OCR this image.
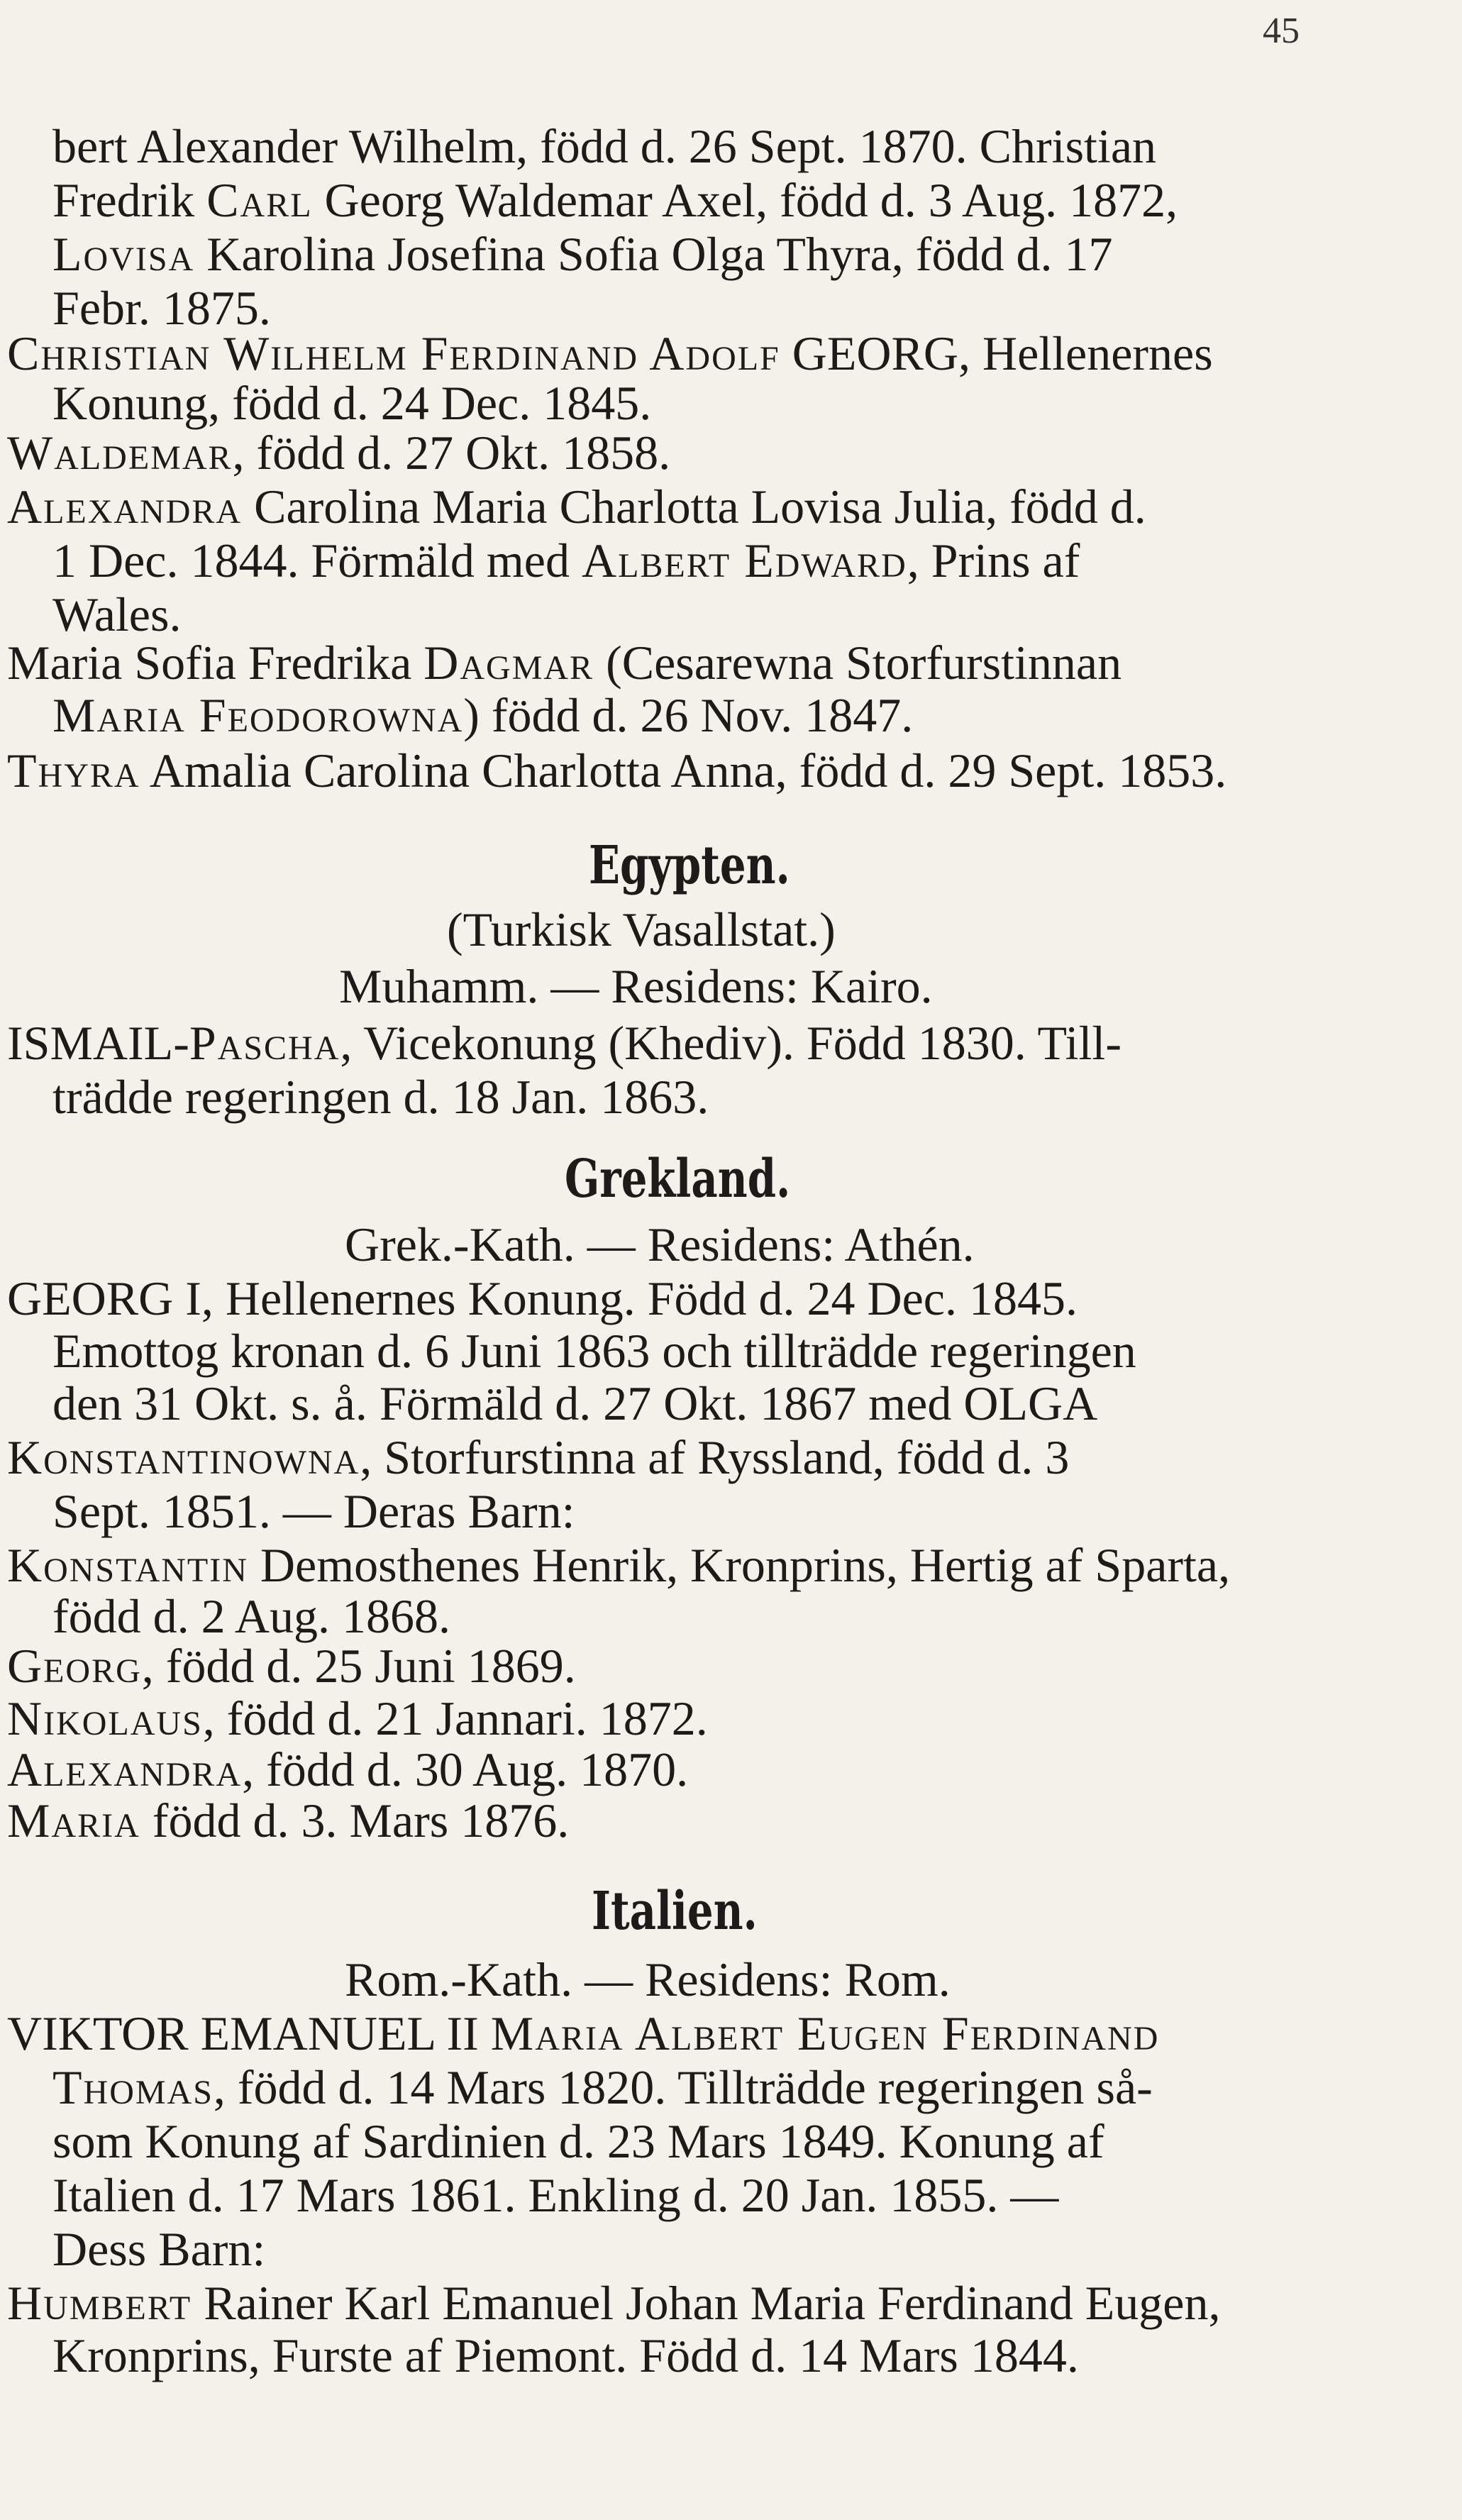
45
bert Alexander Wilhelm, född d. 26 Sept. 1870. Christian
Fredrik Carl Georg Waldemar Axel, född d. 3 Aug. 1872,
Lovisa Karolina Josefina Sofia Olga Thyra, född d. 17
Febr. 1875.
Christian Wilhelm Ferdinand Adolf GEORG, Hellenernes
Konung, född d. 24 Dec. 1845.
Waldemar, född d. 27 Okt. 1858.
Alexandra Carolina Maria Charlotta Lovisa Julia, född d.
1 Dec. 1844. Förmäld med Albert Edward, Prins af
Wales.
Maria Sofia Fredrika Dagmar (Cesarewna Storfurstinnan
Maria Feodorowna) född d. 26 Nov. 1847.
Thyra Amalia Carolina Charlotta Anna, född d. 29 Sept. 1853.
Egypten.
(Turkisk Vasallstat.)
Muhamm. — Residens: Kairo.
ISMAIL-Pascha, Vicekonung (Khediv). Född 1830. Till-
trädde regeringen d. 18 Jan. 1863.
Grekland.
Grek.-Kath. — Residens: Athén.
GEORG I, Hellenernes Konung. Född d. 24 Dec. 1845.
Emottog kronan d. 6 Juni 1863 och tillträdde regeringen
den 31 Okt. s. å. Förmäld d. 27 Okt. 1867 med OLGA
Konstantinowna, Storfurstinna af Ryssland, född d. 3
Sept. 1851. — Deras Barn:
Konstantin Demosthenes Henrik, Kronprins, Hertig af Sparta,
född d. 2 Aug. 1868.
Georg, född d. 25 Juni 1869.
Nikolaus, född d. 21 Jannari. 1872.
Alexandra, född d. 30 Aug. 1870.
Maria född d. 3. Mars 1876.
Italien.
Rom.-Kath. — Residens: Rom.
VIKTOR EMANUEL II Maria Albert Eugen Ferdinand
Thomas, född d. 14 Mars 1820. Tillträdde regeringen så-
som Konung af Sardinien d. 23 Mars 1849. Konung af
Italien d. 17 Mars 1861. Enkling d. 20 Jan. 1855. —
Dess Barn:
Humbert Rainer Karl Emanuel Johan Maria Ferdinand Eugen,
Kronprins, Furste af Piemont. Född d. 14 Mars 1844.
